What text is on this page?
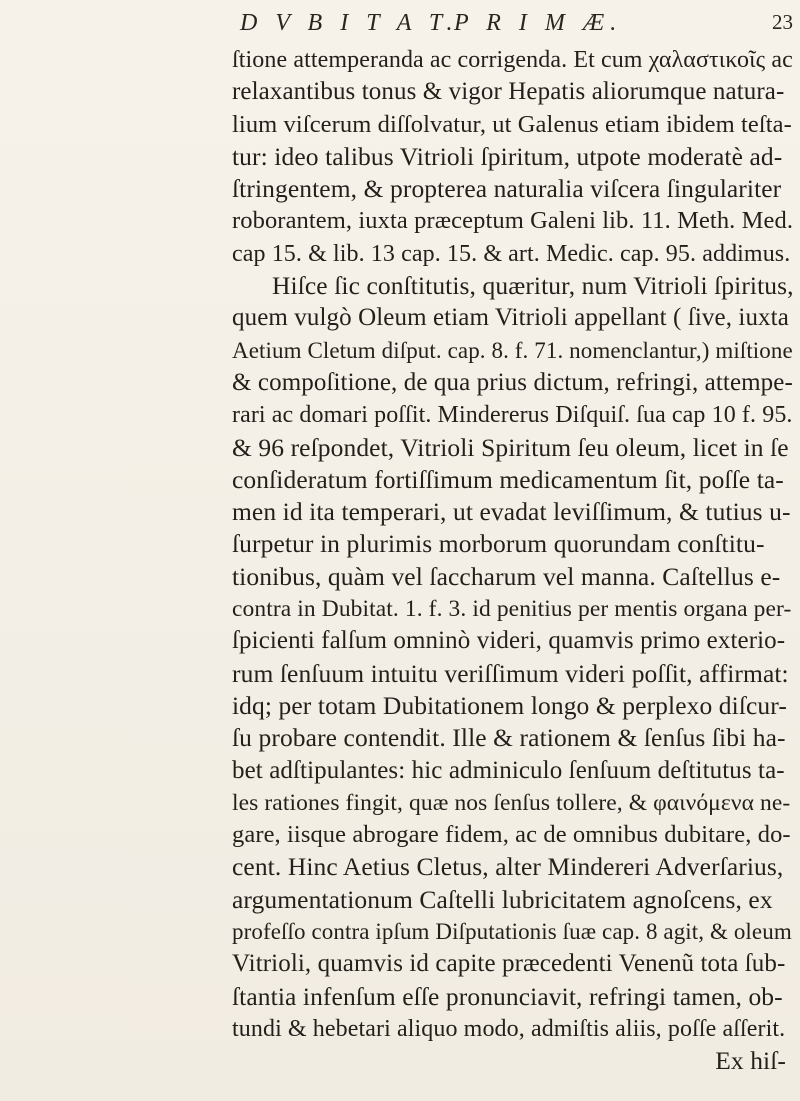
D V B I T A T.
P R I M Æ.	23
ſtione attemperanda ac corrigenda. Et cum χαλαστικοῖς ac
relaxantibus tonus & vigor Hepatis aliorumque natura-
lium viſcerum diſſolvatur, ut Galenus etiam ibidem teſta-
tur: ideo talibus Vitrioli ſpiritum, utpote moderatè ad-
ſtringentem, & propterea naturalia viſcera ſingulariter
roborantem, iuxta præceptum Galeni lib. 11. Meth. Med.
cap 15. & lib. 13 cap. 15. & art. Medic. cap. 95. addimus.
Hiſce ſic conſtitutis, quæritur, num Vitrioli ſpiritus,
quem vulgò Oleum etiam Vitrioli appellant ( ſive, iuxta
Aetium Cletum diſput. cap. 8. f. 71. nomenclantur,) miſtione
& compoſitione, de qua prius dictum, refringi, attempe-
rari ac domari poſſit. Mindererus Diſquiſ. ſua cap 10 f. 95.
& 96 reſpondet, Vitrioli Spiritum ſeu oleum, licet in ſe
conſideratum fortiſſimum medicamentum ſit, poſſe ta-
men id ita temperari, ut evadat leviſſimum, & tutius u-
ſurpetur in plurimis morborum quorundam conſtitu-
tionibus, quàm vel ſaccharum vel manna. Caſtellus e-
contra in Dubitat. 1. f. 3. id penitius per mentis organa per-
ſpicienti falſum omninò videri, quamvis primo exterio-
rum ſenſuum intuitu veriſſimum videri poſſit, affirmat:
idq; per totam Dubitationem longo & perplexo diſcur-
ſu probare contendit. Ille & rationem & ſenſus ſibi ha-
bet adſtipulantes: hic adminiculo ſenſuum deſtitutus ta-
les rationes fingit, quæ nos ſenſus tollere, & φαινόμενα ne-
gare, iisque abrogare fidem, ac de omnibus dubitare, do-
cent. Hinc Aetius Cletus, alter Mindereri Adverſarius,
argumentationum Caſtelli lubricitatem agnoſcens, ex
profeſſo contra ipſum Diſputationis ſuæ cap. 8 agit, & oleum
Vitrioli, quamvis id capite præcedenti Venenũ tota ſub-
ſtantia infenſum eſſe pronunciavit, refringi tamen, ob-
tundi & hebetari aliquo modo, admiſtis aliis, poſſe aſſerit.
Ex hiſ-
